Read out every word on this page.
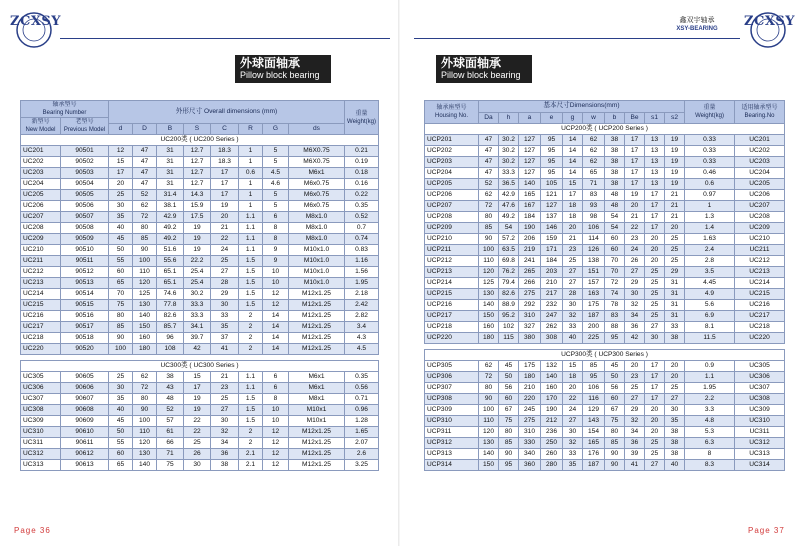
ZCXSY
外球面轴承
Pillow block bearing
轴承型号
Bearing Number		外形尺寸 Overall dimensions (mm)								重量
Weight(kg)
新型号
New Model	老型号
Previous Model									
		d	D	B	S	C	R	G	ds	
UC200类 ( UC200 Series )										
UC201	90501	12	47	31	12.7	18.3	1	5	M6X0.75	0.21
UC202	90502	15	47	31	12.7	18.3	1	5	M6X0.75	0.19
UC203	90503	17	47	31	12.7	17	0.6	4.5	M6x1	0.18
UC204	90504	20	47	31	12.7	17	1	4.6	M6x0.75	0.16
UC205	90505	25	52	31.4	14.3	17	1	5	M6x0.75	0.22
UC206	90506	30	62	38.1	15.9	19	1	5	M6x0.75	0.35
UC207	90507	35	72	42.9	17.5	20	1.1	6	M8x1.0	0.52
UC208	90508	40	80	49.2	19	21	1.1	8	M8x1.0	0.7
UC209	90509	45	85	49.2	19	22	1.1	8	M8x1.0	0.74
UC210	90510	50	90	51.6	19	24	1.1	9	M10x1.0	0.83
UC211	90511	55	100	55.6	22.2	25	1.5	9	M10x1.0	1.16
UC212	90512	60	110	65.1	25.4	27	1.5	10	M10x1.0	1.56
UC213	90513	65	120	65.1	25.4	28	1.5	10	M10x1.0	1.95
UC214	90514	70	125	74.6	30.2	29	1.5	12	M12x1.25	2.18
UC215	90515	75	130	77.8	33.3	30	1.5	12	M12x1.25	2.42
UC216	90516	80	140	82.6	33.3	33	2	14	M12x1.25	2.82
UC217	90517	85	150	85.7	34.1	35	2	14	M12x1.25	3.4
UC218	90518	90	160	96	39.7	37	2	14	M12x1.25	4.3
UC220	90520	100	180	108	42	41	2	14	M12x1.25	4.5

UC300类 ( UC300 Series )										
UC305	90605	25	62	38	15	21	1.1	6	M6x1	0.35
UC306	90606	30	72	43	17	23	1.1	6	M6x1	0.56
UC307	90607	35	80	48	19	25	1.5	8	M8x1	0.71
UC308	90608	40	90	52	19	27	1.5	10	M10x1	0.96
UC309	90609	45	100	57	22	30	1.5	10	M10x1	1.28
UC310	90610	50	110	61	22	32	2	12	M12x1.25	1.65
UC311	90611	55	120	66	25	34	2	12	M12x1.25	2.07
UC312	90612	60	130	71	26	36	2.1	12	M12x1.25	2.6
UC313	90613	65	140	75	30	38	2.1	12	M12x1.25	3.25
Page 36
鑫双宇轴承
XSY-BEARING	ZCXSY
外球面轴承
Pillow block bearing
轴承座型号
Housing No.	基本尺寸Dimensions(mm)										重量
Weight(kg)	适用轴承型号
Bearing.No
	Da	h	a	e	g	w	b	Be	s1	s2		
UCP200类 ( UCP200 Series )												
UCP201	47	30.2	127	95	14	62	38	17	13	19	0.33	UC201
UCP202	47	30.2	127	95	14	62	38	17	13	19	0.33	UC202
UCP203	47	30.2	127	95	14	62	38	17	13	19	0.33	UC203
UCP204	47	33.3	127	95	14	65	38	17	13	19	0.46	UC204
UCP205	52	36.5	140	105	15	71	38	17	13	19	0.6	UC205
UCP206	62	42.9	165	121	17	83	48	19	17	21	0.97	UC206
UCP207	72	47.6	167	127	18	93	48	20	17	21	1	UC207
UCP208	80	49.2	184	137	18	98	54	21	17	21	1.3	UC208
UCP209	85	54	190	146	20	106	54	22	17	20	1.4	UC209
UCP210	90	57.2	206	159	21	114	60	23	20	25	1.63	UC210
UCP211	100	63.5	219	171	23	126	60	24	20	25	2.4	UC211
UCP212	110	69.8	241	184	25	138	70	26	20	25	2.8	UC212
UCP213	120	76.2	265	203	27	151	70	27	25	29	3.5	UC213
UCP214	125	79.4	266	210	27	157	72	29	25	31	4.45	UC214
UCP215	130	82.6	275	217	28	163	74	30	25	31	4.9	UC215
UCP216	140	88.9	292	232	30	175	78	32	25	31	5.6	UC216
UCP217	150	95.2	310	247	32	187	83	34	25	31	6.9	UC217
UCP218	160	102	327	262	33	200	88	36	27	33	8.1	UC218
UCP220	180	115	380	308	40	225	95	42	30	38	11.5	UC220

UCP300类 ( UCP300 Series )												
UCP305	62	45	175	132	15	85	45	20	17	20	0.9	UC305
UCP306	72	50	180	140	18	95	50	23	17	20	1.1	UC306
UCP307	80	56	210	160	20	106	56	25	17	25	1.95	UC307
UCP308	90	60	220	170	22	116	60	27	17	27	2.2	UC308
UCP309	100	67	245	190	24	129	67	29	20	30	3.3	UC309
UCP310	110	75	275	212	27	143	75	32	20	35	4.8	UC310
UCP311	120	80	310	236	30	154	80	34	20	38	5.3	UC311
UCP312	130	85	330	250	32	165	85	36	25	38	6.3	UC312
UCP313	140	90	340	260	33	176	90	39	25	38	8	UC313
UCP314	150	95	360	280	35	187	90	41	27	40	8.3	UC314
Page 37
